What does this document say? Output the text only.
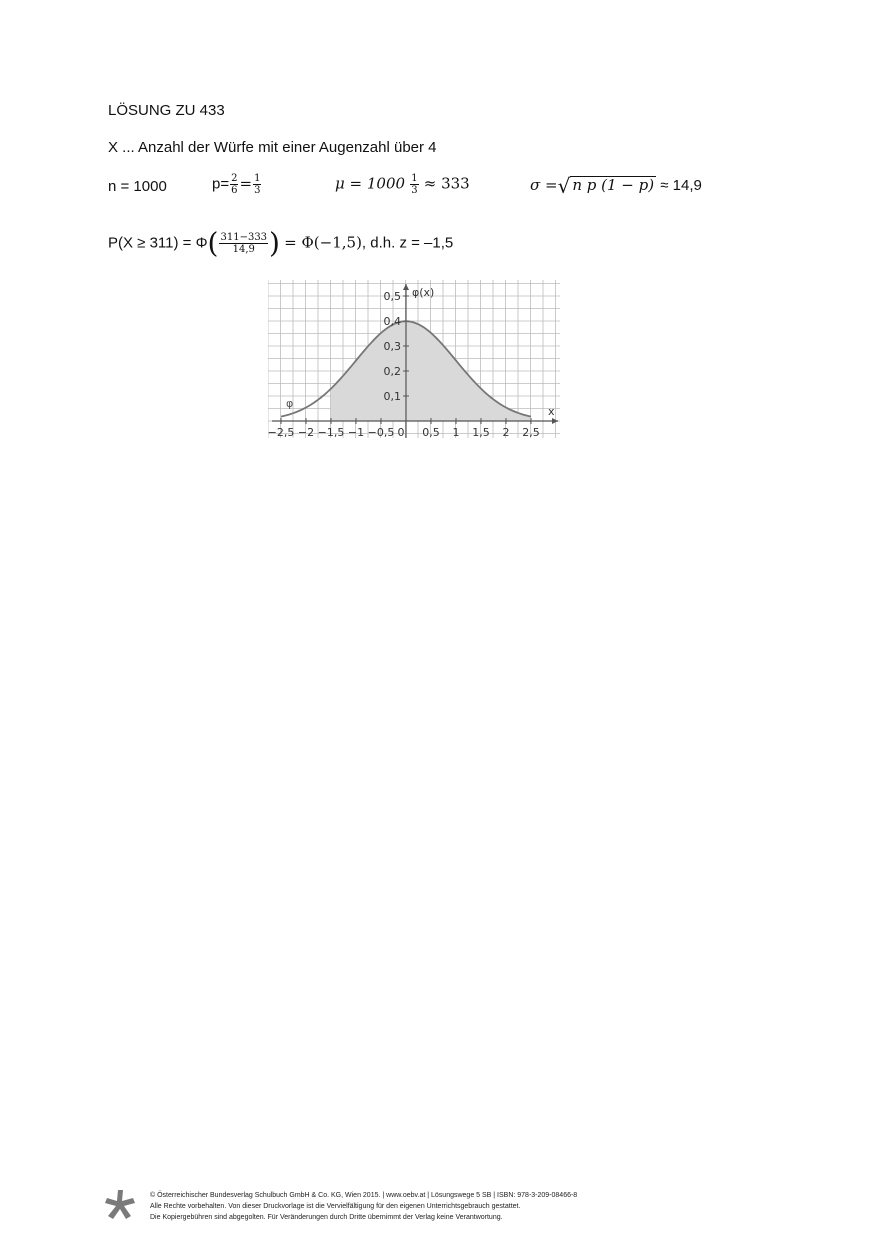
LÖSUNG ZU 433
X ... Anzahl der Würfe mit einer Augenzahl über 4
n = 1000	$p= \frac{2}{6} = \frac{1}{3}$	$\mu = 1000 \frac{1}{3} \approx 333$	σ =√ n p (1 − p) ≈ 14,9
$P(X \ge 311) = \Phi( \frac{311-333}{14,9}$ ) = Φ(−1,5), d.h. z = –1,5
−2,5 −2 −1,5 −1 −0,5 0 0,5 1 1,5 2 2,5
0,1
0,2
0,3
0,4
0,5 φ(x)
x
φ
© Österreichischer Bundesverlag Schulbuch GmbH & Co. KG, Wien 2015. | www.oebv.at | Lösungswege 5 SB | ISBN: 978-3-209-08466-8
Alle Rechte vorbehalten. Von dieser Druckvorlage ist die Vervielfältigung für den eigenen Unterrichtsgebrauch gestattet.
Die Kopiergebühren sind abgegolten. Für Veränderungen durch Dritte übernimmt der Verlag keine Verantwortung.
